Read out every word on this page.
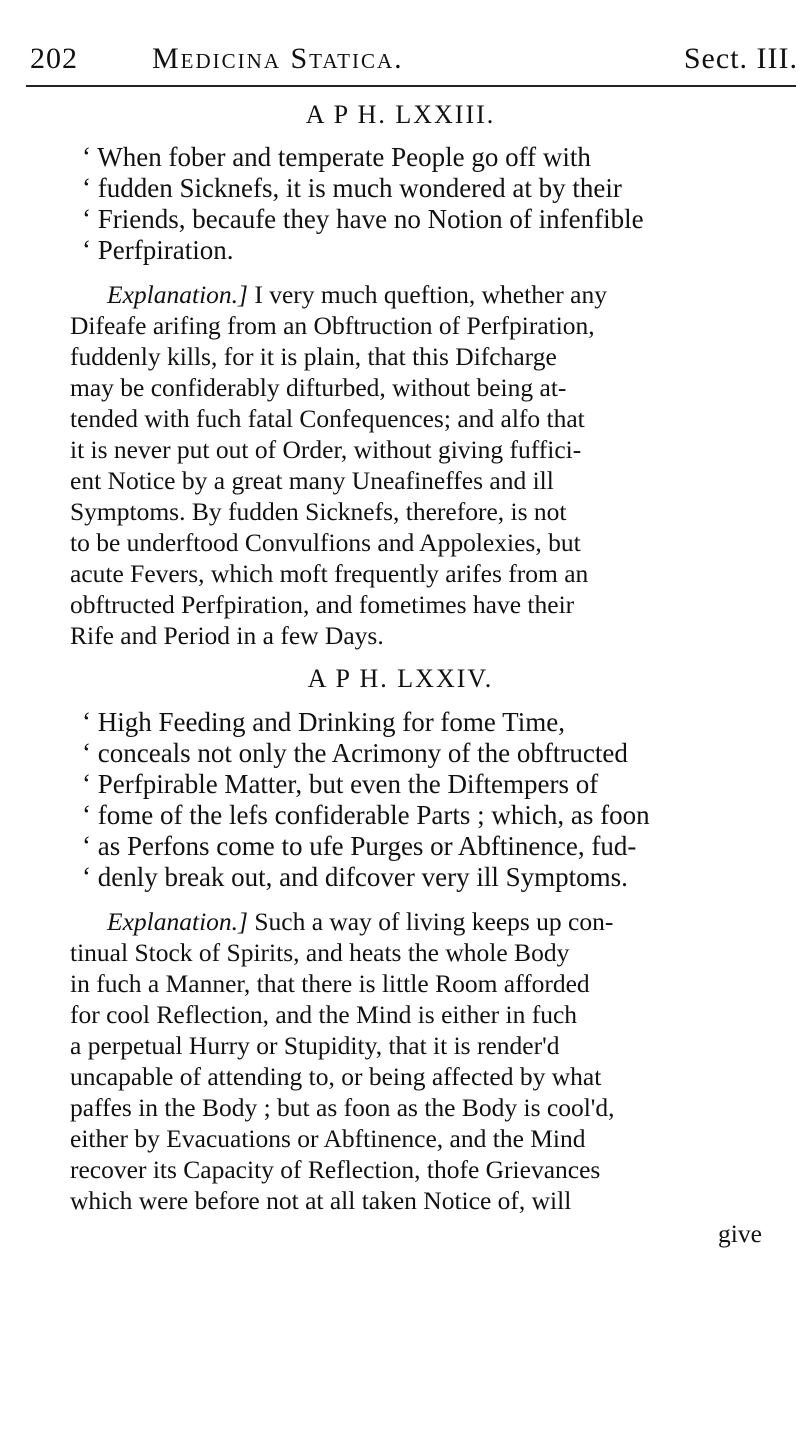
202 Medicina Statica.	Sect. III.
A P H. LXXIII.
‘ When fober and temperate People go off with
‘ fudden Sicknefs, it is much wondered at by their
‘ Friends, becaufe they have no Notion of infenfible
‘ Perfpiration.
Explanation.] I very much queftion, whether any
Difeafe arifing from an Obftruction of Perfpiration,
fuddenly kills, for it is plain, that this Difcharge
may be confiderably difturbed, without being at-
tended with fuch fatal Confequences; and alfo that
it is never put out of Order, without giving fuffici-
ent Notice by a great many Uneafineffes and ill
Symptoms. By fudden Sicknefs, therefore, is not
to be underftood Convulfions and Appolexies, but
acute Fevers, which moft frequently arifes from an
obftructed Perfpiration, and fometimes have their
Rife and Period in a few Days.
A P H. LXXIV.
‘ High Feeding and Drinking for fome Time,
‘ conceals not only the Acrimony of the obftructed
‘ Perfpirable Matter, but even the Diftempers of
‘ fome of the lefs confiderable Parts ; which, as foon
‘ as Perfons come to ufe Purges or Abftinence, fud-
‘ denly break out, and difcover very ill Symptoms.
Explanation.] Such a way of living keeps up con-
tinual Stock of Spirits, and heats the whole Body
in fuch a Manner, that there is little Room afforded
for cool Reflection, and the Mind is either in fuch
a perpetual Hurry or Stupidity, that it is render'd
uncapable of attending to, or being affected by what
paffes in the Body ; but as foon as the Body is cool'd,
either by Evacuations or Abftinence, and the Mind
recover its Capacity of Reflection, thofe Grievances
which were before not at all taken Notice of, will
give
